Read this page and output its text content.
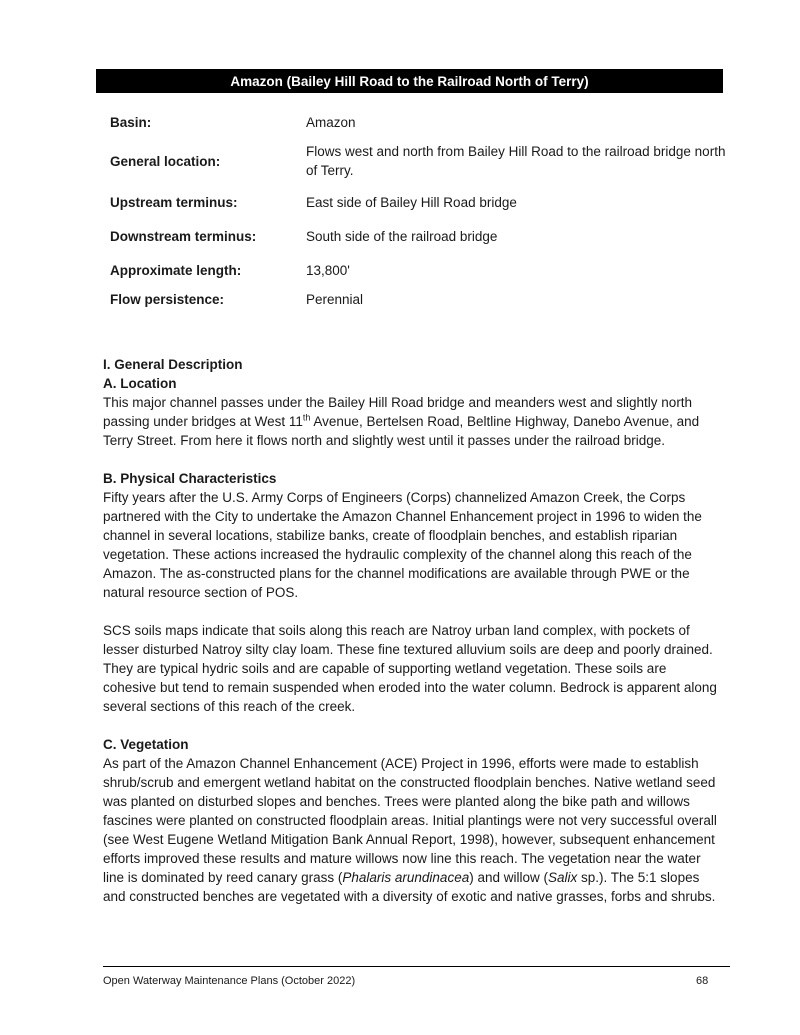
Amazon (Bailey Hill Road to the Railroad North of Terry)
Basin:	Amazon
General location:
Flows west and north from Bailey Hill Road to the railroad bridge north of Terry.
Upstream terminus:	East side of Bailey Hill Road bridge
Downstream terminus:	South side of the railroad bridge
Approximate length:	13,800'
Flow persistence:	Perennial

I. General Description

A. Location

This major channel passes under the Bailey Hill Road bridge and meanders west and slightly north passing under bridges at West 11th Avenue, Bertelsen Road, Beltline Highway, Danebo Avenue, and Terry Street. From here it flows north and slightly west until it passes under the railroad bridge.

B. Physical Characteristics

Fifty years after the U.S. Army Corps of Engineers (Corps) channelized Amazon Creek, the Corps partnered with the City to undertake the Amazon Channel Enhancement project in 1996 to widen the channel in several locations, stabilize banks, create of floodplain benches, and establish riparian vegetation. These actions increased the hydraulic complexity of the channel along this reach of the Amazon. The as-constructed plans for the channel modifications are available through PWE or the natural resource section of POS.

SCS soils maps indicate that soils along this reach are Natroy urban land complex, with pockets of lesser disturbed Natroy silty clay loam. These fine textured alluvium soils are deep and poorly drained. They are typical hydric soils and are capable of supporting wetland vegetation. These soils are cohesive but tend to remain suspended when eroded into the water column. Bedrock is apparent along several sections of this reach of the creek.

C. Vegetation

As part of the Amazon Channel Enhancement (ACE) Project in 1996, efforts were made to establish shrub/scrub and emergent wetland habitat on the constructed floodplain benches. Native wetland seed was planted on disturbed slopes and benches. Trees were planted along the bike path and willows fascines were planted on constructed floodplain areas. Initial plantings were not very successful overall (see West Eugene Wetland Mitigation Bank Annual Report, 1998), however, subsequent enhancement efforts improved these results and mature willows now line this reach. The vegetation near the water line is dominated by reed canary grass (Phalaris arundinacea) and willow (Salix sp.). The 5:1 slopes and constructed benches are vegetated with a diversity of exotic and native grasses, forbs and shrubs.

Open Waterway Maintenance Plans (October 2022)	68
